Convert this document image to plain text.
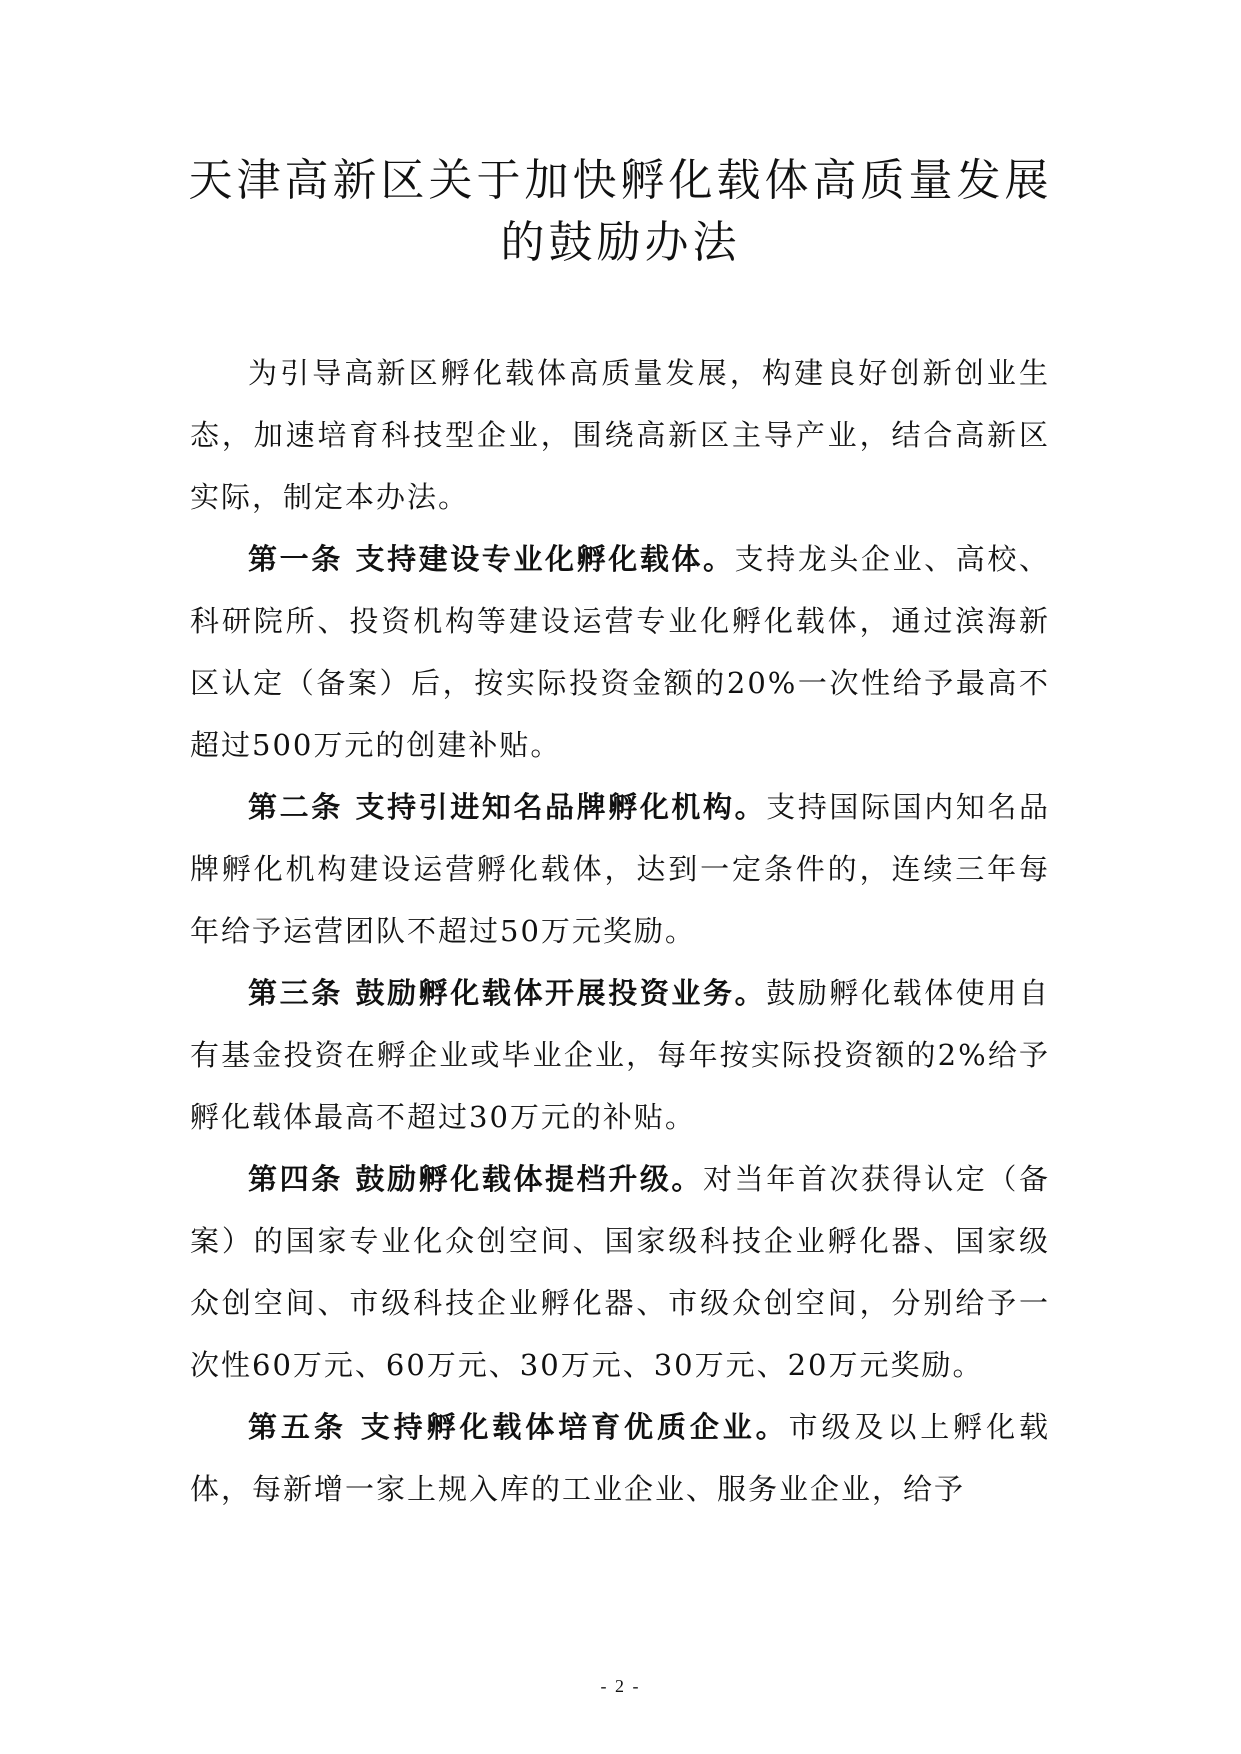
天津高新区关于加快孵化载体高质量发展
的鼓励办法

为引导高新区孵化载体高质量发展，构建良好创新创业生态，加速培育科技型企业，围绕高新区主导产业，结合高新区实际，制定本办法。

第一条 支持建设专业化孵化载体。支持龙头企业、高校、科研院所、投资机构等建设运营专业化孵化载体，通过滨海新区认定（备案）后，按实际投资金额的20%一次性给予最高不超过500万元的创建补贴。

第二条 支持引进知名品牌孵化机构。支持国际国内知名品牌孵化机构建设运营孵化载体，达到一定条件的，连续三年每年给予运营团队不超过50万元奖励。

第三条 鼓励孵化载体开展投资业务。鼓励孵化载体使用自有基金投资在孵企业或毕业企业，每年按实际投资额的2%给予孵化载体最高不超过30万元的补贴。

第四条 鼓励孵化载体提档升级。对当年首次获得认定（备案）的国家专业化众创空间、国家级科技企业孵化器、国家级众创空间、市级科技企业孵化器、市级众创空间，分别给予一次性60万元、60万元、30万元、30万元、20万元奖励。

第五条 支持孵化载体培育优质企业。市级及以上孵化载体，每新增一家上规入库的工业企业、服务业企业，给予

- 2 -
